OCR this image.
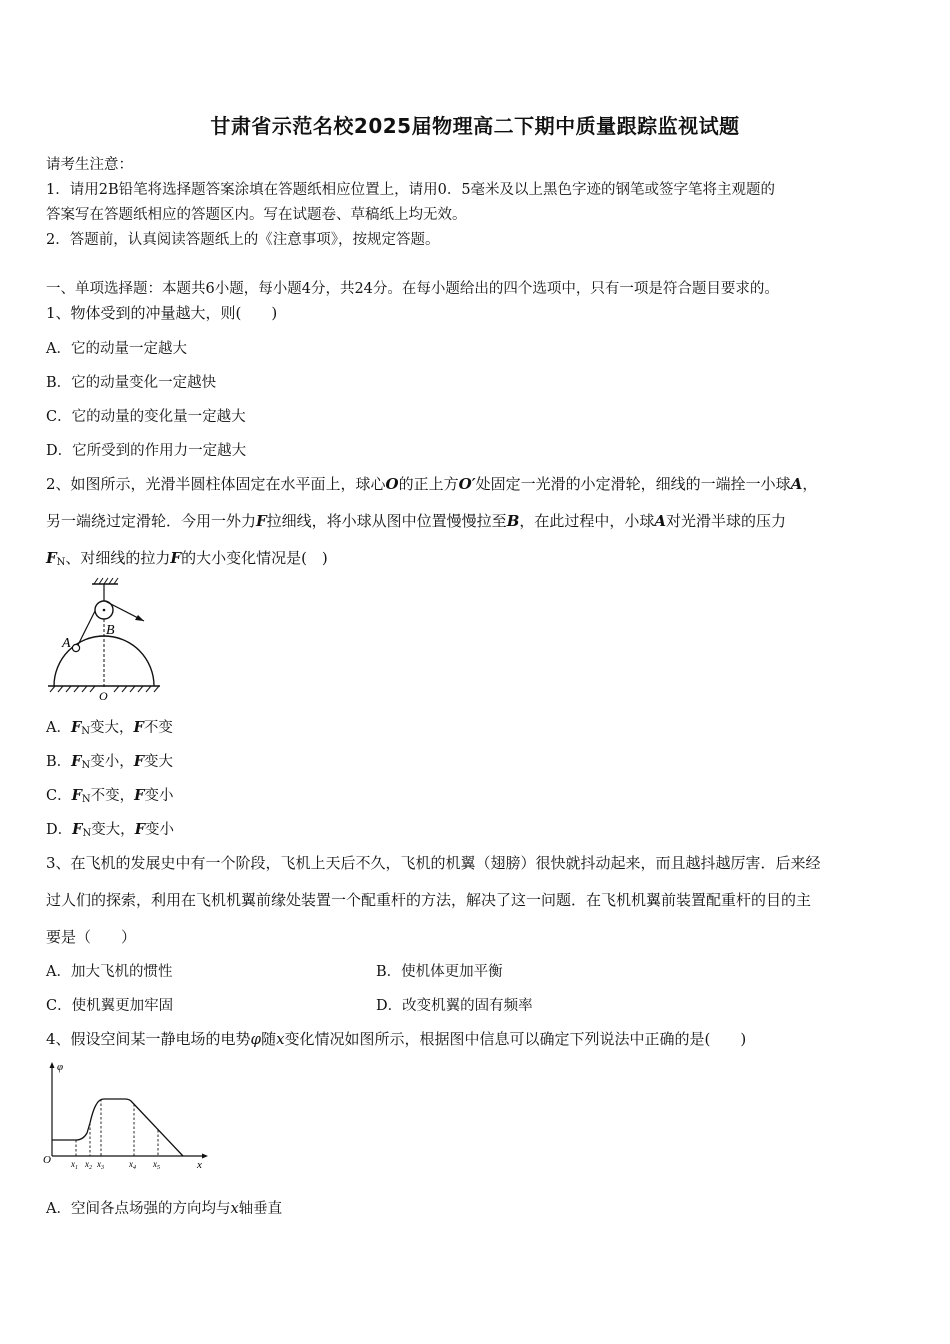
甘肃省示范名校2025届物理高二下期中质量跟踪监视试题
请考生注意：
1．请用2B铅笔将选择题答案涂填在答题纸相应位置上，请用0．5毫米及以上黑色字迹的钢笔或签字笔将主观题的
答案写在答题纸相应的答题区内。写在试题卷、草稿纸上均无效。
2．答题前，认真阅读答题纸上的《注意事项》，按规定答题。
一、单项选择题：本题共6小题，每小题4分，共24分。在每小题给出的四个选项中，只有一项是符合题目要求的。
1、物体受到的冲量越大，则(　　)
A．它的动量一定越大
B．它的动量变化一定越快
C．它的动量的变化量一定越大
D．它所受到的作用力一定越大
2、如图所示，光滑半圆柱体固定在水平面上，球心O的正上方O′处固定一光滑的小定滑轮，细线的一端拴一小球A，
另一端绕过定滑轮．今用一外力F拉细线，将小球从图中位置慢慢拉至B，在此过程中，小球A对光滑半球的压力
$F_N$、对细线的拉力F的大小变化情况是(　)
A
B
O
A．$F_N$变大，F不变
B．$F_N$变小，F变大
C．$F_N$不变，F变小
D．$F_N$变大，F变小
3、在飞机的发展史中有一个阶段，飞机上天后不久，飞机的机翼（翅膀）很快就抖动起来，而且越抖越厉害．后来经
过人们的探索，利用在飞机机翼前缘处装置一个配重杆的方法，解决了这一问题．在飞机机翼前装置配重杆的目的主
要是（　　）
A．加大飞机的惯性	B．使机体更加平衡
C．使机翼更加牢固	D．改变机翼的固有频率
4、假设空间某一静电场的电势φ随x变化情况如图所示，根据图中信息可以确定下列说法中正确的是(　　)
φ
x
O $x_1$ $x_2$ $x_3$	$x_4$ $x_5$
A．空间各点场强的方向均与x轴垂直
